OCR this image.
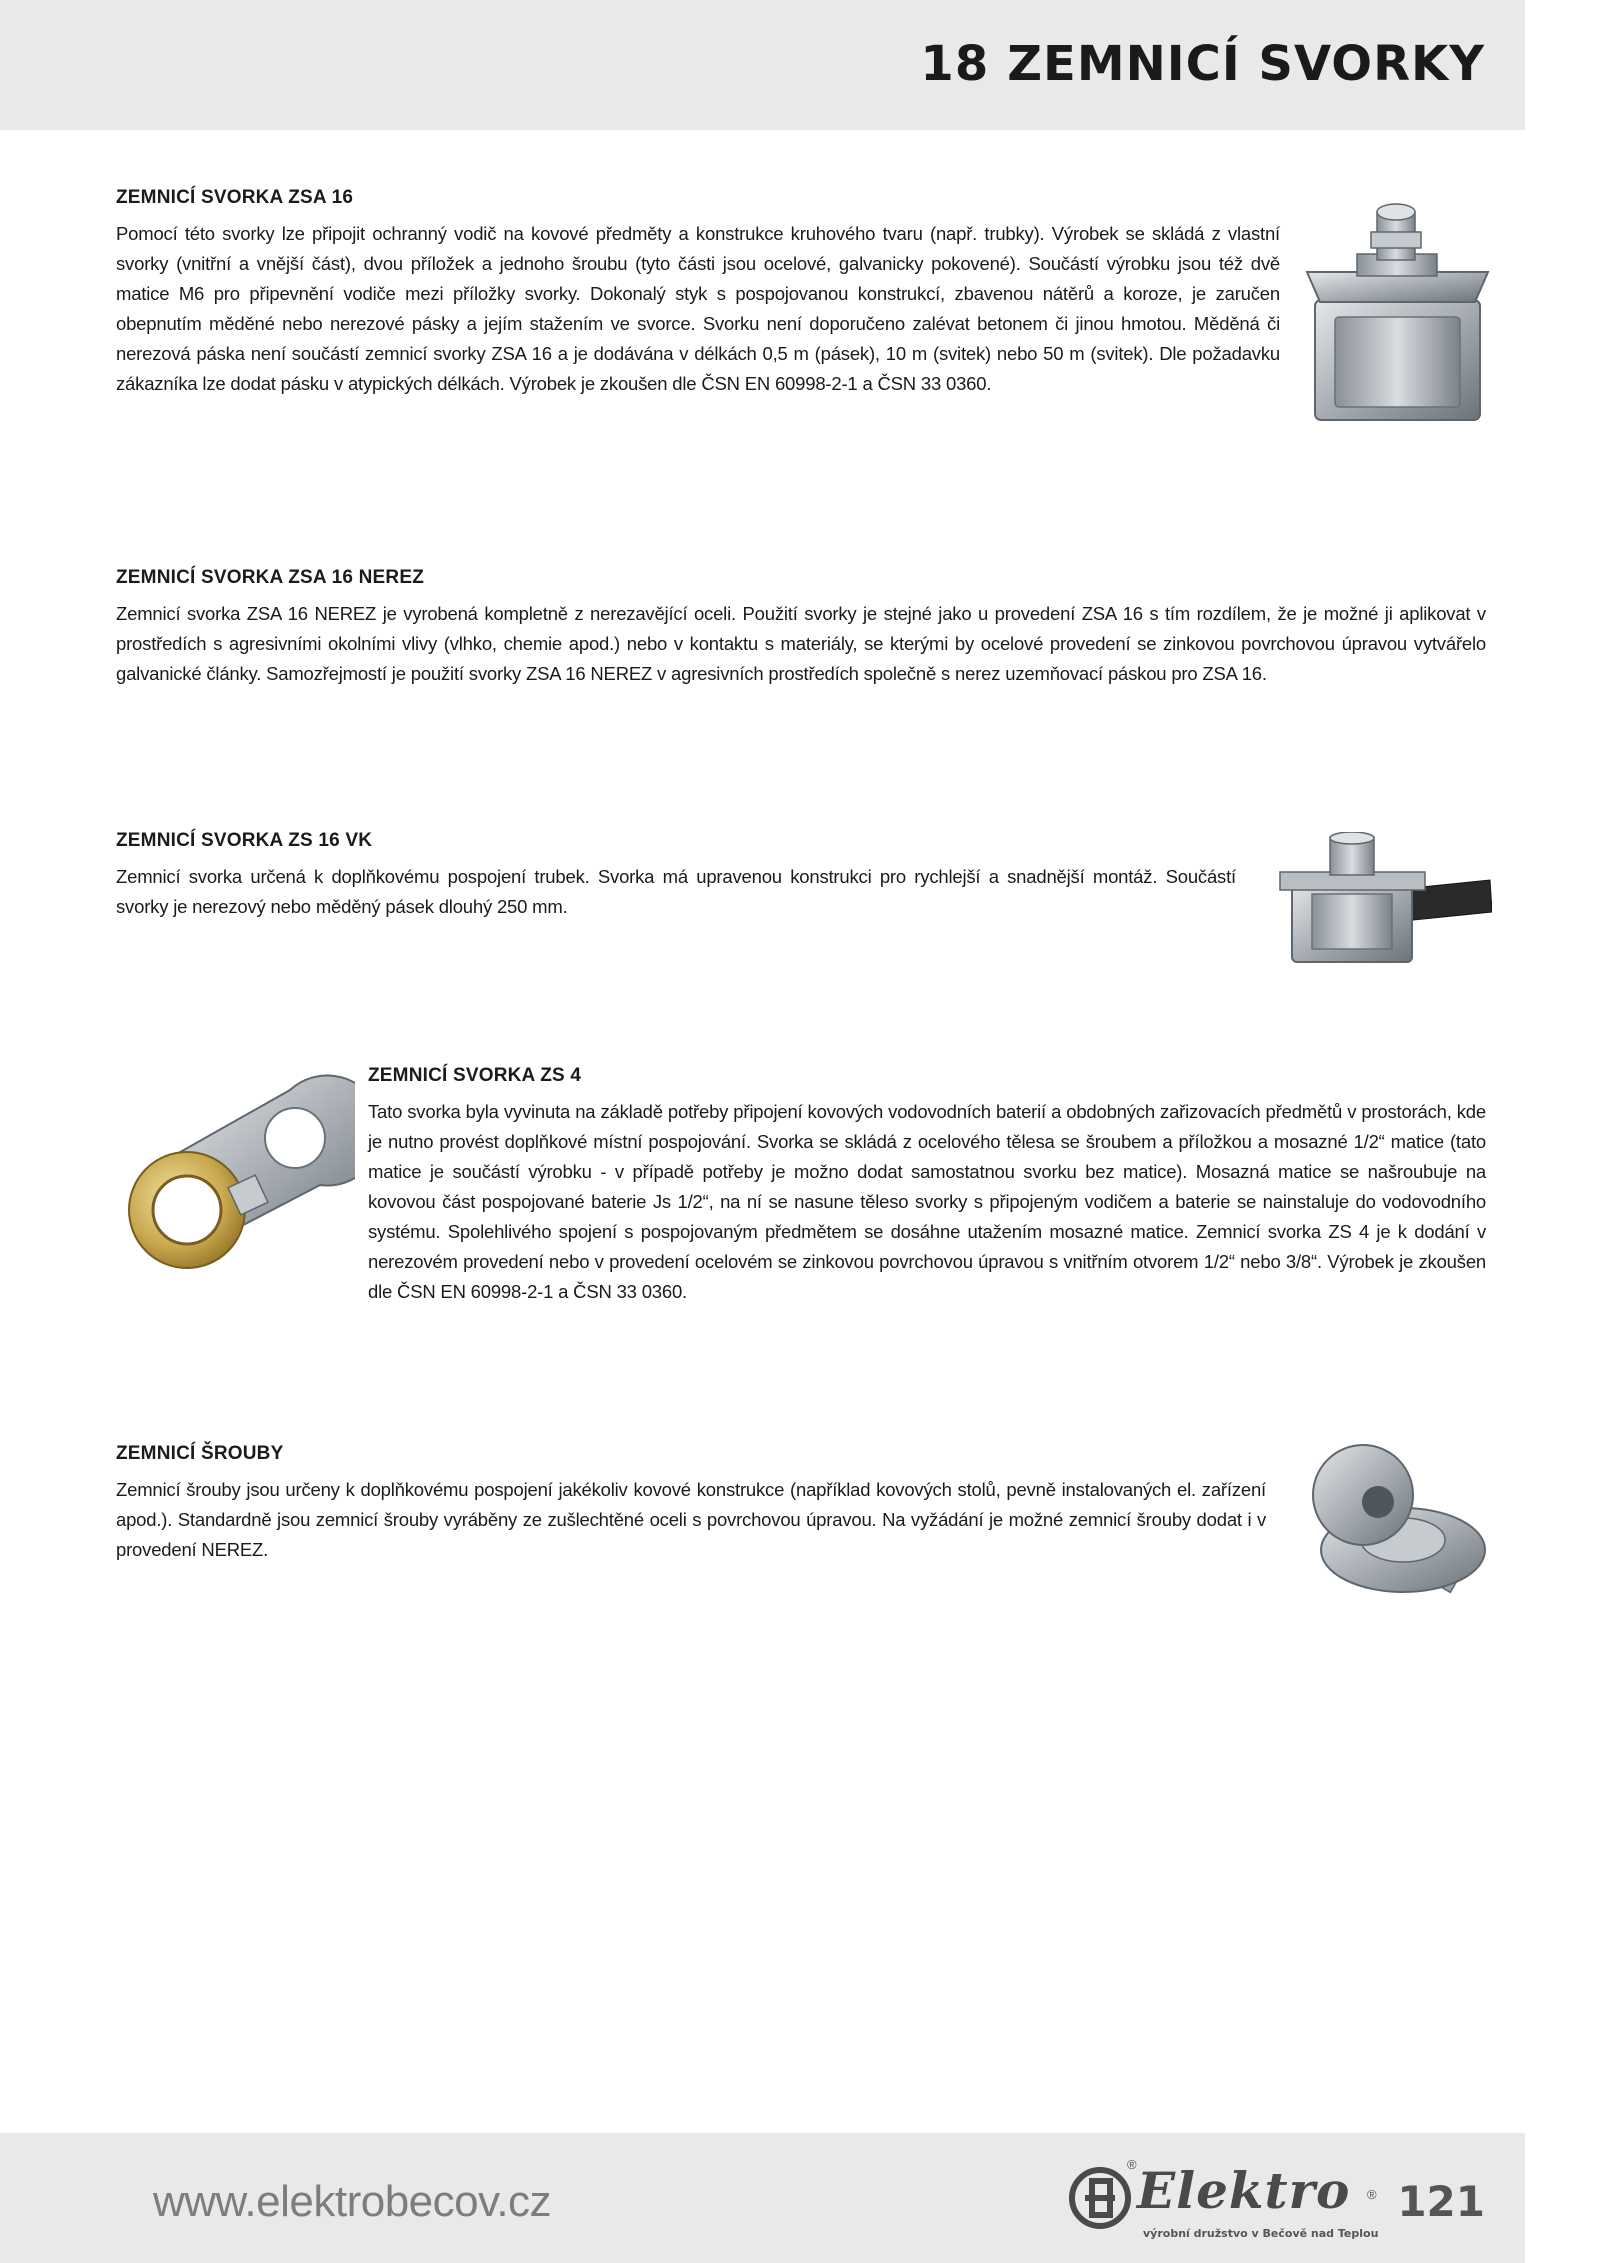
18 ZEMNICÍ SVORKY
ZEMNICÍ SVORKA ZSA 16

Pomocí této svorky lze připojit ochranný vodič na kovové předměty a konstrukce kruhového tvaru (např. trubky). Výrobek se skládá z vlastní svorky (vnitřní a vnější část), dvou příložek a jednoho šroubu (tyto části jsou ocelové, galvanicky pokovené). Součástí výrobku jsou též dvě matice M6 pro připevnění vodiče mezi příložky svorky. Dokonalý styk s pospojovanou konstrukcí, zbavenou nátěrů a koroze, je zaručen obepnutím měděné nebo nerezové pásky a jejím stažením ve svorce. Svorku není doporučeno zalévat betonem či jinou hmotou. Měděná či nerezová páska není součástí zemnicí svorky ZSA 16 a je dodávána v délkách 0,5 m (pásek), 10 m (svitek) nebo 50 m (svitek). Dle požadavku zákazníka lze dodat pásku v atypických délkách. Výrobek je zkoušen dle ČSN EN 60998-2-1 a ČSN 33 0360.

ZEMNICÍ SVORKA ZSA 16 NEREZ

Zemnicí svorka ZSA 16 NEREZ je vyrobená kompletně z nerezavějící oceli. Použití svorky je stejné jako u provedení ZSA 16 s tím rozdílem, že je možné ji aplikovat v prostředích s agresivními okolními vlivy (vlhko, chemie apod.) nebo v kontaktu s materiály, se kterými by ocelové provedení se zinkovou povrchovou úpravou vytvářelo galvanické články. Samozřejmostí je použití svorky ZSA 16 NEREZ v agresivních prostředích společně s nerez uzemňovací páskou pro ZSA 16.

ZEMNICÍ SVORKA ZS 16 VK

Zemnicí svorka určená k doplňkovému pospojení trubek. Svorka má upravenou konstrukci pro rychlejší a snadnější montáž. Součástí svorky je nerezový nebo měděný pásek dlouhý 250 mm.

ZEMNICÍ SVORKA ZS 4

Tato svorka byla vyvinuta na základě potřeby připojení kovových vodovodních baterií a obdobných zařizovacích předmětů v prostorách, kde je nutno provést doplňkové místní pospojování. Svorka se skládá z ocelového tělesa se šroubem a příložkou a mosazné 1/2“ matice (tato matice je součástí výrobku - v případě potřeby je možno dodat samostatnou svorku bez matice). Mosazná matice se našroubuje na kovovou část pospojované baterie Js 1/2“, na ní se nasune těleso svorky s připojeným vodičem a baterie se nainstaluje do vodovodního systému. Spolehlivého spojení s pospojovaným předmětem se dosáhne utažením mosazné matice. Zemnicí svorka ZS 4 je k dodání v nerezovém provedení nebo v provedení ocelovém se zinkovou povrchovou úpravou s vnitřním otvorem 1/2“ nebo 3/8“. Výrobek je zkoušen dle ČSN EN 60998-2-1 a ČSN 33 0360.

ZEMNICÍ ŠROUBY

Zemnicí šrouby jsou určeny k doplňkovému pospojení jakékoliv kovové konstrukce (například kovových stolů, pevně instalovaných el. zařízení apod.). Standardně jsou zemnicí šrouby vyráběny ze zušlechtěné oceli s povrchovou úpravou. Na vyžádání je možné zemnicí šrouby dodat i v provedení NEREZ.

www.elektrobecov.cz	Elektro
®
®
výrobní družstvo v Bečově nad Teplou
121
